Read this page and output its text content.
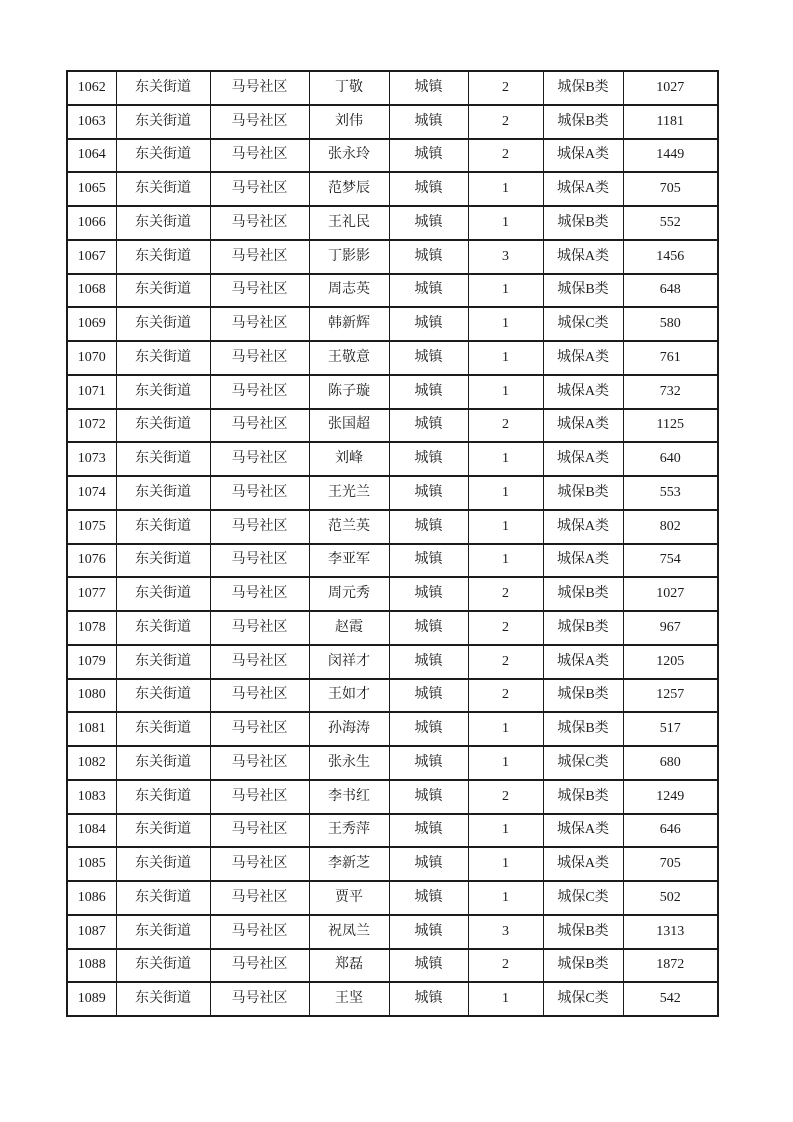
1062	东关街道	马号社区	丁敬	城镇	2	城保B类	1027
1063	东关街道	马号社区	刘伟	城镇	2	城保B类	1181
1064	东关街道	马号社区	张永玲	城镇	2	城保A类	1449
1065	东关街道	马号社区	范梦辰	城镇	1	城保A类	705
1066	东关街道	马号社区	王礼民	城镇	1	城保B类	552
1067	东关街道	马号社区	丁影影	城镇	3	城保A类	1456
1068	东关街道	马号社区	周志英	城镇	1	城保B类	648
1069	东关街道	马号社区	韩新辉	城镇	1	城保C类	580
1070	东关街道	马号社区	王敬意	城镇	1	城保A类	761
1071	东关街道	马号社区	陈子璇	城镇	1	城保A类	732
1072	东关街道	马号社区	张国超	城镇	2	城保A类	1125
1073	东关街道	马号社区	刘峰	城镇	1	城保A类	640
1074	东关街道	马号社区	王光兰	城镇	1	城保B类	553
1075	东关街道	马号社区	范兰英	城镇	1	城保A类	802
1076	东关街道	马号社区	李亚军	城镇	1	城保A类	754
1077	东关街道	马号社区	周元秀	城镇	2	城保B类	1027
1078	东关街道	马号社区	赵霞	城镇	2	城保B类	967
1079	东关街道	马号社区	闵祥才	城镇	2	城保A类	1205
1080	东关街道	马号社区	王如才	城镇	2	城保B类	1257
1081	东关街道	马号社区	孙海涛	城镇	1	城保B类	517
1082	东关街道	马号社区	张永生	城镇	1	城保C类	680
1083	东关街道	马号社区	李书红	城镇	2	城保B类	1249
1084	东关街道	马号社区	王秀萍	城镇	1	城保A类	646
1085	东关街道	马号社区	李新芝	城镇	1	城保A类	705
1086	东关街道	马号社区	贾平	城镇	1	城保C类	502
1087	东关街道	马号社区	祝凤兰	城镇	3	城保B类	1313
1088	东关街道	马号社区	郑磊	城镇	2	城保B类	1872
1089	东关街道	马号社区	王坚	城镇	1	城保C类	542
